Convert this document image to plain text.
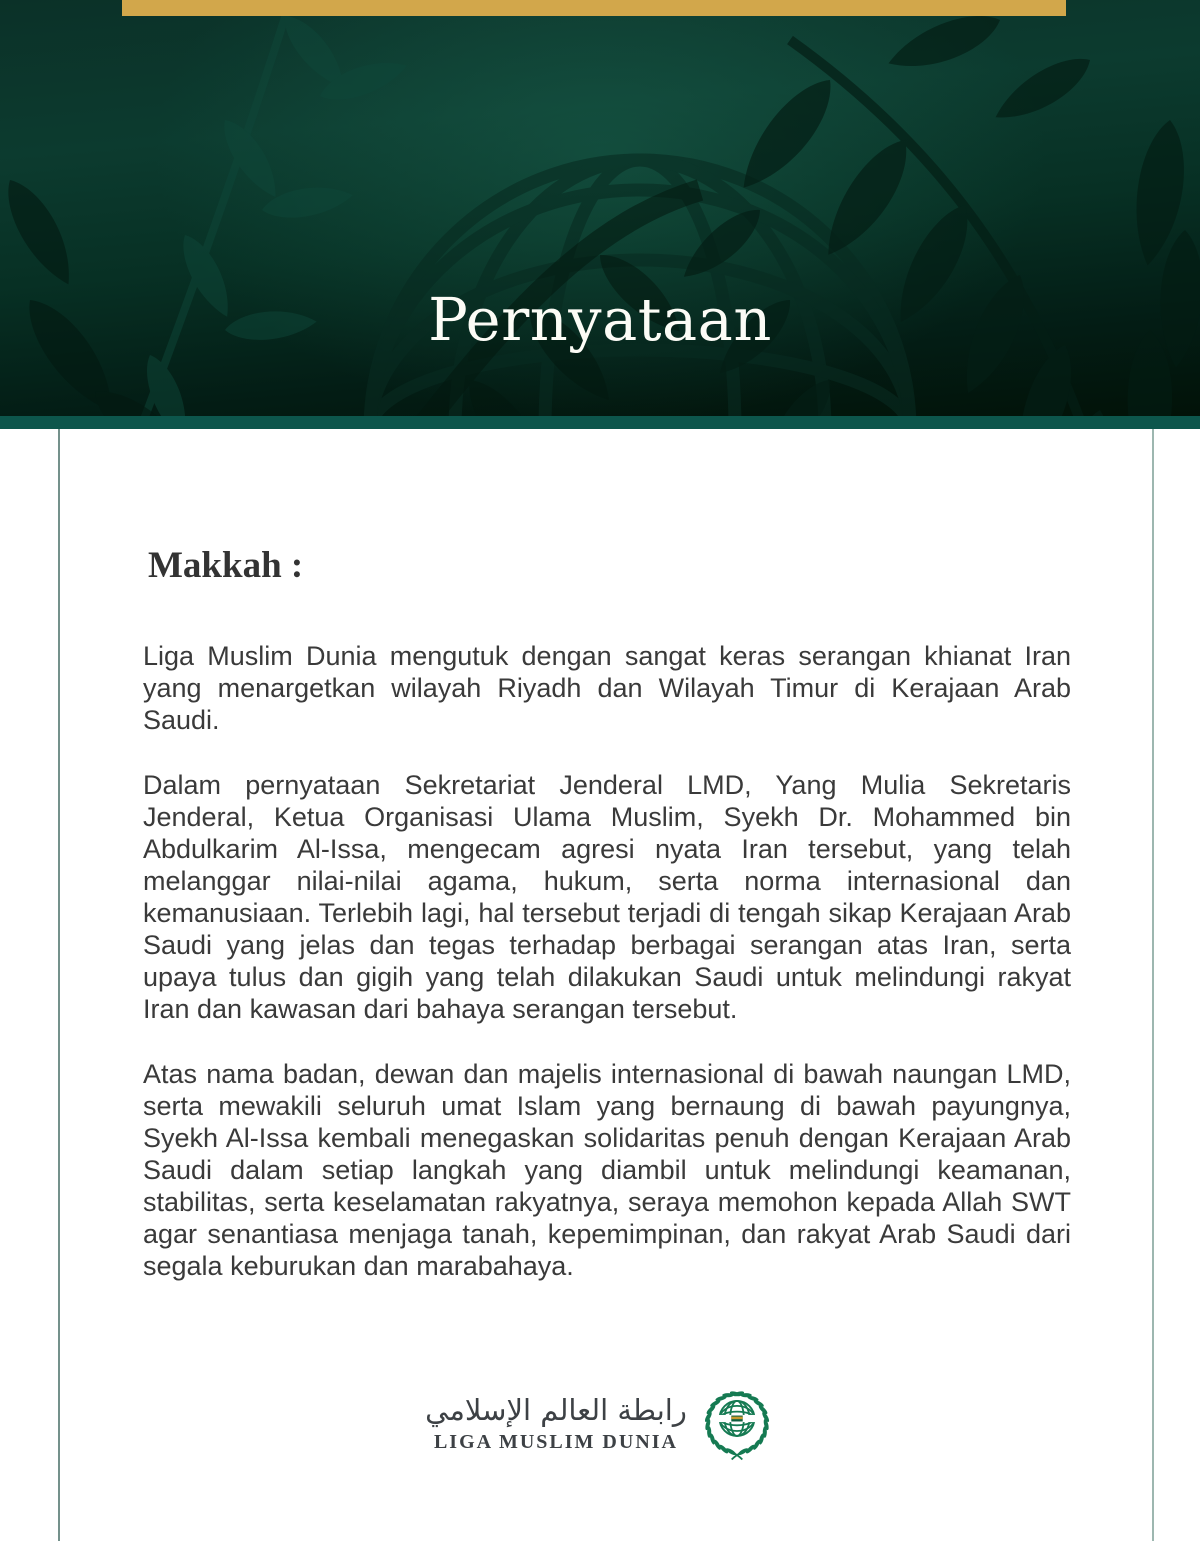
Pernyataan
Makkah :

Liga Muslim Dunia mengutuk dengan sangat keras serangan khianat Iran yang menargetkan wilayah Riyadh dan Wilayah Timur di Kerajaan Arab Saudi.

Dalam pernyataan Sekretariat Jenderal LMD, Yang Mulia Sekretaris Jenderal, Ketua Organisasi Ulama Muslim, Syekh Dr. Mohammed bin Abdulkarim Al-Issa, mengecam agresi nyata Iran tersebut, yang telah melanggar nilai-nilai agama, hukum, serta norma internasional dan kemanusiaan. Terlebih lagi, hal tersebut terjadi di tengah sikap Kerajaan Arab Saudi yang jelas dan tegas terhadap berbagai serangan atas Iran, serta upaya tulus dan gigih yang telah dilakukan Saudi untuk melindungi rakyat Iran dan kawasan dari bahaya serangan tersebut.

Atas nama badan, dewan dan majelis internasional di bawah naungan LMD, serta mewakili seluruh umat Islam yang bernaung di bawah payungnya, Syekh Al-Issa kembali menegaskan solidaritas penuh dengan Kerajaan Arab Saudi dalam setiap langkah yang diambil untuk melindungi keamanan, stabilitas, serta keselamatan rakyatnya, seraya memohon kepada Allah SWT agar senantiasa menjaga tanah, kepemimpinan, dan rakyat Arab Saudi dari segala keburukan dan marabahaya.

رابطة العالم الإسلامي
LIGA MUSLIM DUNIA
